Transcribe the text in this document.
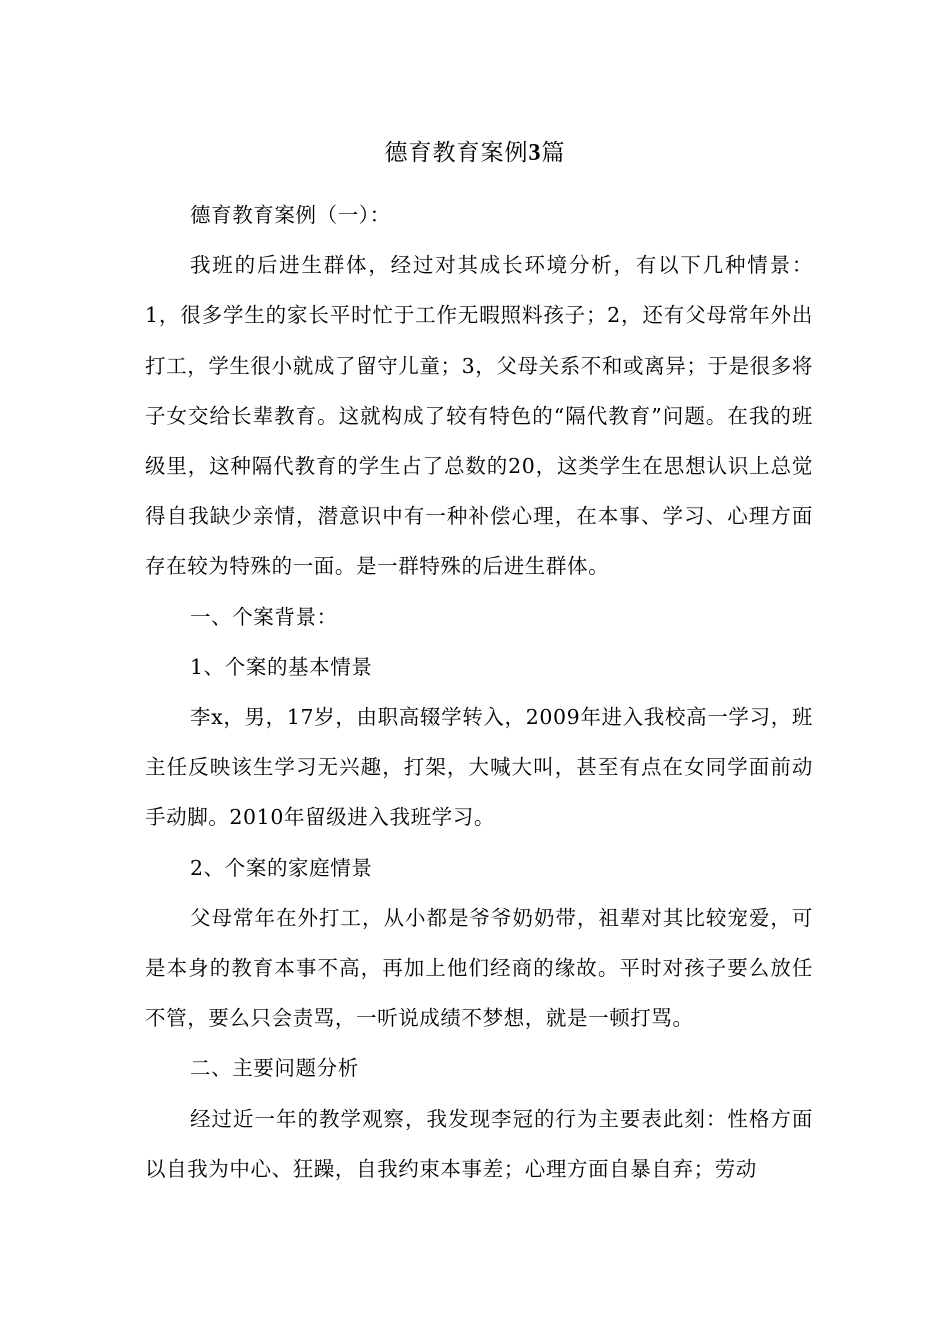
德育教育案例3篇

德育教育案例（一）：

我班的后进生群体，经过对其成长环境分析，有以下几种情景：1，很多学生的家长平时忙于工作无暇照料孩子；2，还有父母常年外出打工，学生很小就成了留守儿童；3，父母关系不和或离异；于是很多将子女交给长辈教育。这就构成了较有特色的“隔代教育”问题。在我的班级里，这种隔代教育的学生占了总数的20，这类学生在思想认识上总觉得自我缺少亲情，潜意识中有一种补偿心理，在本事、学习、心理方面存在较为特殊的一面。是一群特殊的后进生群体。

一、个案背景：

1、个案的基本情景

李x，男，17岁，由职高辍学转入，2009年进入我校高一学习，班主任反映该生学习无兴趣，打架，大喊大叫，甚至有点在女同学面前动手动脚。2010年留级进入我班学习。

2、个案的家庭情景

父母常年在外打工，从小都是爷爷奶奶带，祖辈对其比较宠爱，可是本身的教育本事不高，再加上他们经商的缘故。平时对孩子要么放任不管，要么只会责骂，一听说成绩不梦想，就是一顿打骂。

二、主要问题分析

经过近一年的教学观察，我发现李冠的行为主要表此刻：性格方面以自我为中心、狂躁，自我约束本事差；心理方面自暴自弃；劳动
